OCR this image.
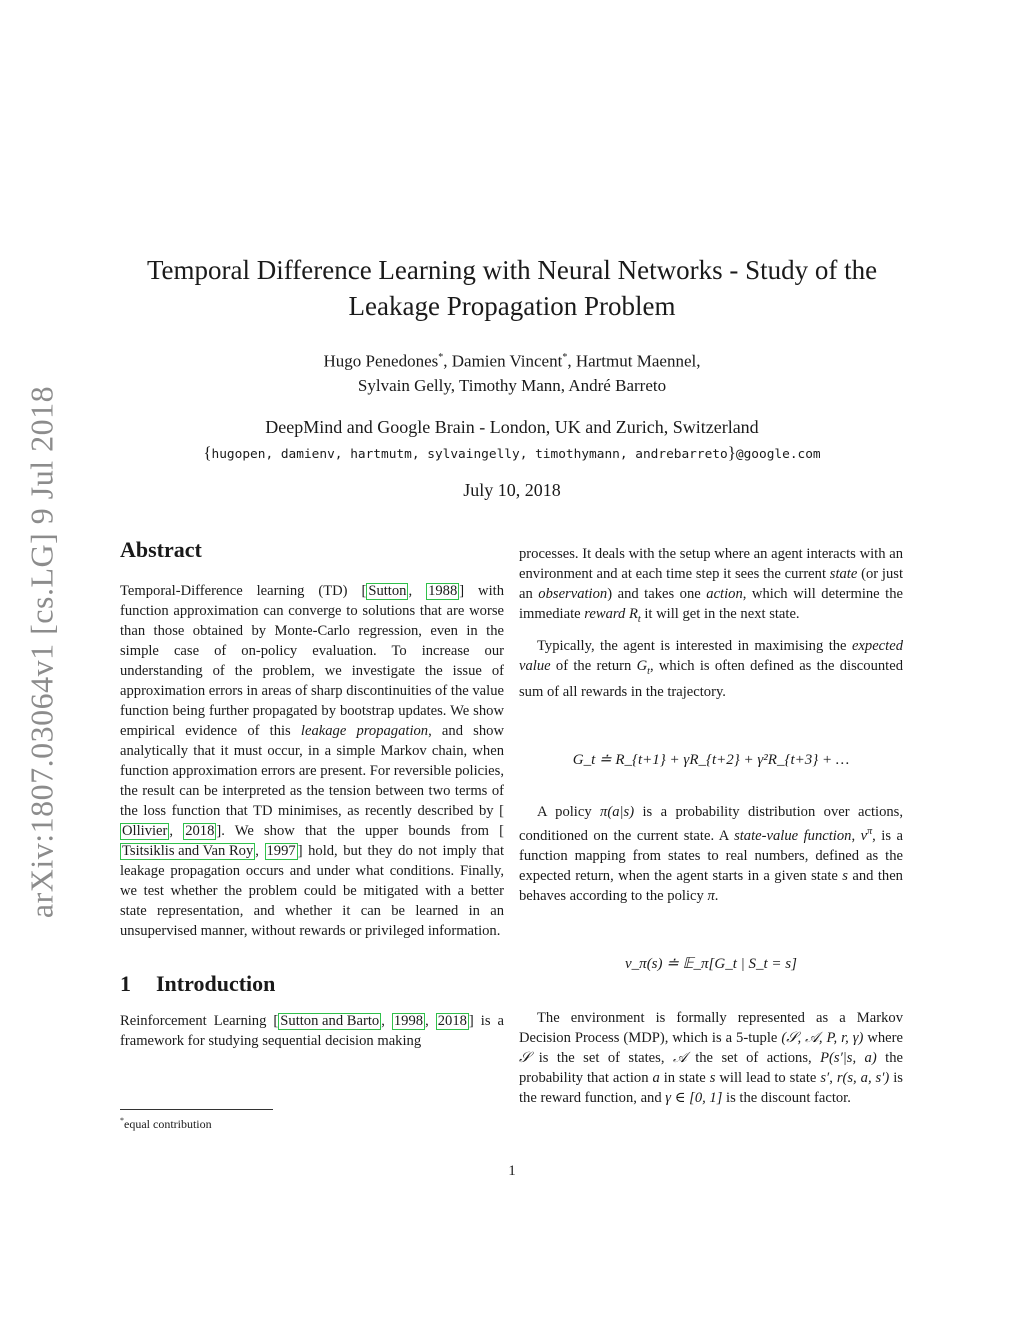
arXiv:1807.03064v1 [cs.LG] 9 Jul 2018
Temporal Difference Learning with Neural Networks - Study of the
Leakage Propagation Problem
Hugo Penedones*, Damien Vincent*, Hartmut Maennel,
Sylvain Gelly, Timothy Mann, André Barreto
DeepMind and Google Brain - London, UK and Zurich, Switzerland
{hugopen, damienv, hartmutm, sylvaingelly, timothymann, andrebarreto}@google.com
July 10, 2018
Abstract

Temporal-Difference learning (TD) [ Sutton , 1988 ] with function approximation can converge to solutions that are worse than those obtained by Monte-Carlo regression, even in the simple case of on-policy evaluation. To increase our understanding of the problem, we investigate the issue of approximation errors in areas of sharp discontinuities of the value function being further propagated by bootstrap updates. We show empirical evidence of this leakage propagation, and show analytically that it must occur, in a simple Markov chain, when function approximation errors are present. For reversible policies, the result can be interpreted as the tension between two terms of the loss function that TD minimises, as recently described by [Ollivier , 2018 ]. We show that the upper bounds from [Tsitsiklis and Van Roy , 1997 ] hold, but they do not imply that leakage propagation occurs and under what conditions. Finally, we test whether the problem could be mitigated with a better state representation, and whether it can be learned in an unsupervised manner, without rewards or privileged information.

1 Introduction

Reinforcement Learning [ Sutton and Barto , 1998 , 2018 ] is a framework for studying sequential decision making

*equal contribution

processes. It deals with the setup where an agent interacts with an environment and at each time step it sees the current state (or just an observation) and takes one action, which will determine the immediate reward $R_t$ it will get in the next state.

Typically, the agent is interested in maximising the expected value of the return $G_t$, which is often defined as the discounted sum of all rewards in the trajectory.

G_t ≐ R_{t+1} + γR_{t+2} + γ²R_{t+3} + …

A policy π(a|s) is a probability distribution over actions, conditioned on the current state. A state-value function, $v^\pi$, is a function mapping from states to real numbers, defined as the expected return, when the agent starts in a given state s and then behaves according to the policy π.

v_π(s) ≐ 𝔼_π[G_t | S_t = s]

The environment is formally represented as a Markov Decision Process (MDP), which is a 5-tuple (𝒮, 𝒜, P, r, γ) where 𝒮 is the set of states, 𝒜 the set of actions, P(s′|s, a) the probability that action a in state s will lead to state s′, r(s, a, s′) is the reward function, and γ ∈ [0, 1] is the discount factor.

1
